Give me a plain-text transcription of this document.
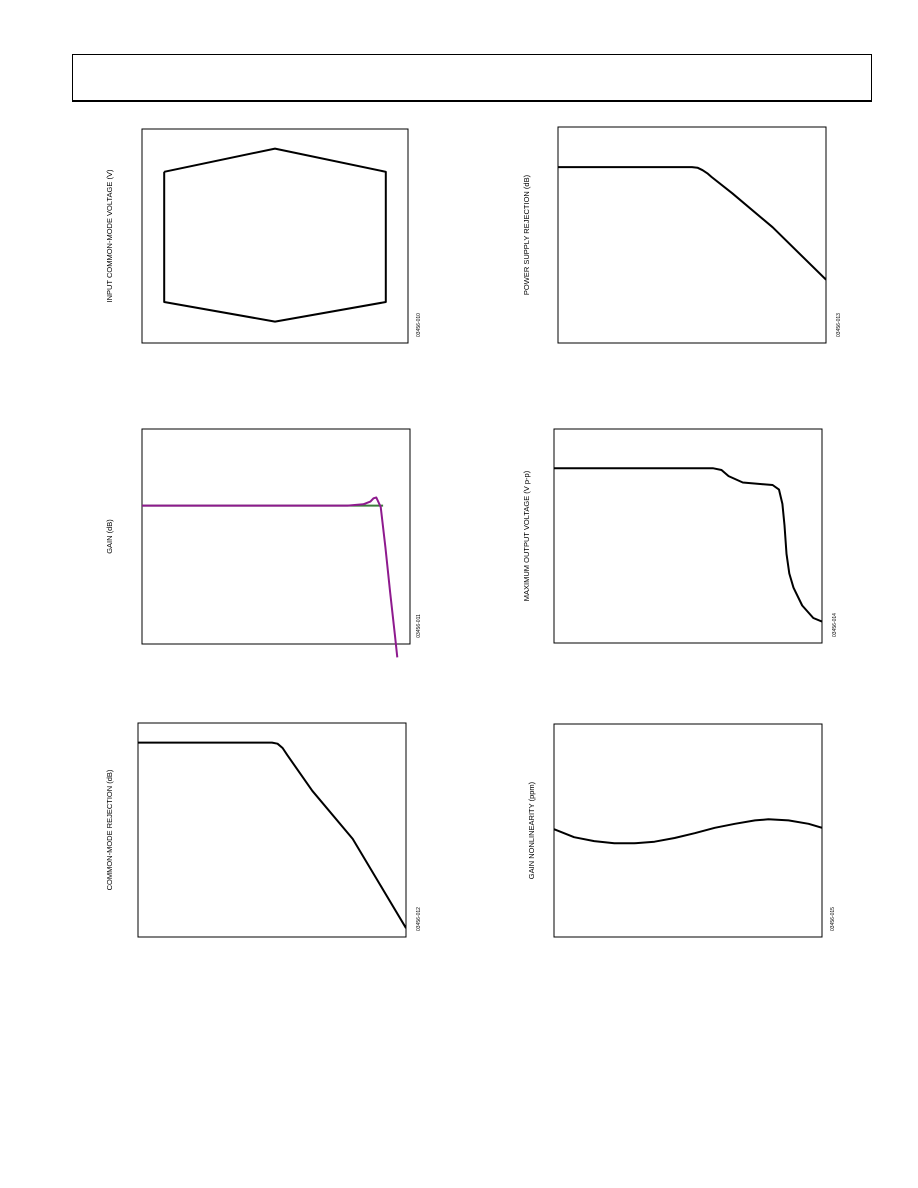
INPUT COMMON-MODE VOLTAGE (V)
03456-010
POWER SUPPLY REJECTION (dB)
03456-013
GAIN (dB)
03456-011
MAXIMUM OUTPUT VOLTAGE (V p-p)
03456-014
COMMON-MODE REJECTION (dB)
03456-012
GAIN NONLINEARITY (ppm)
03456-015
